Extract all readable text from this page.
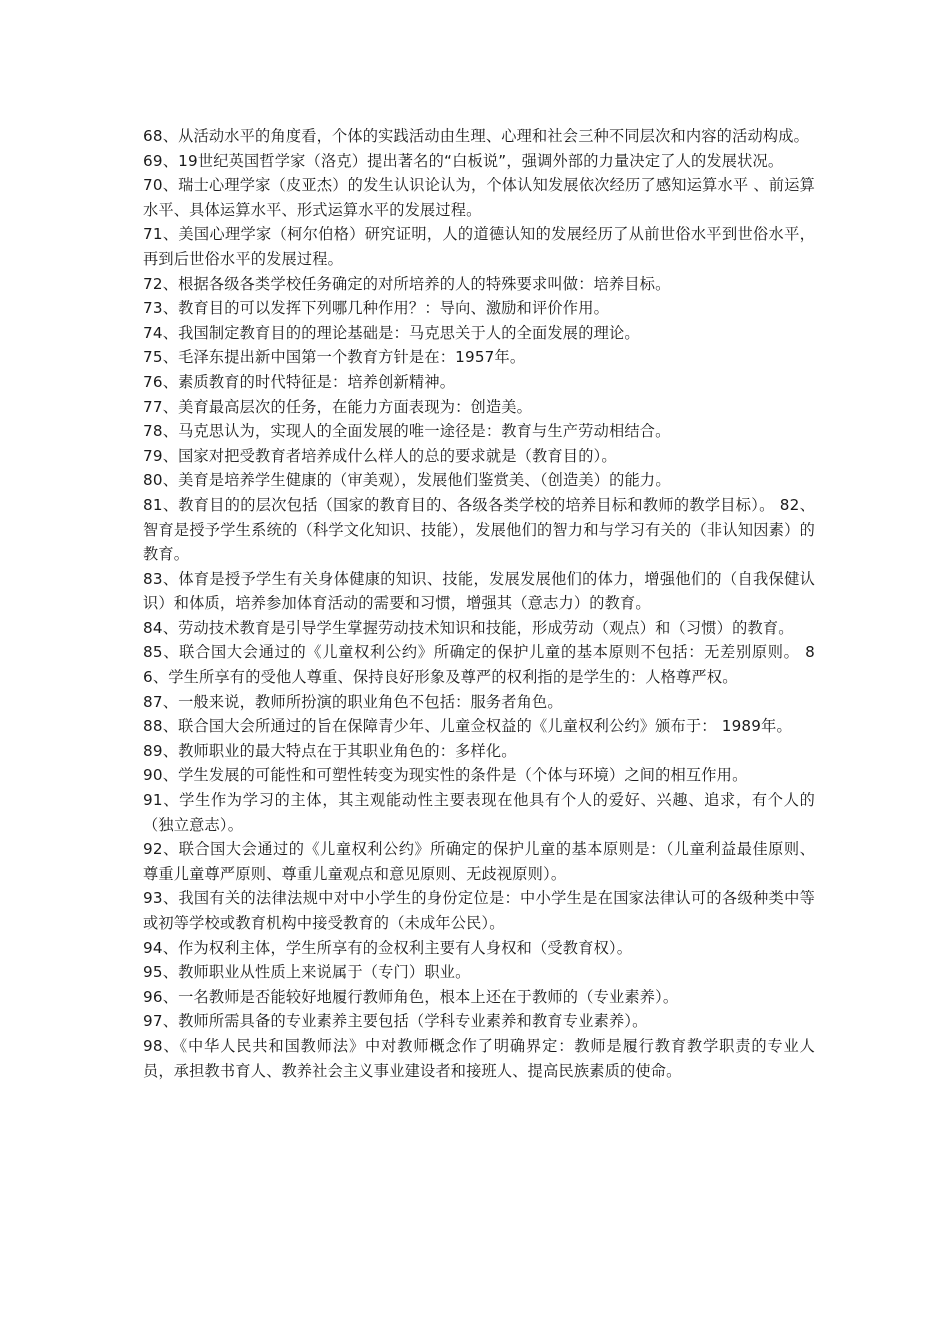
68、从活动水平的角度看，个体的实践活动由生理、心理和社会三种不同层次和内容的活动构成。

69、19世纪英国哲学家（洛克）提出著名的“白板说”，强调外部的力量决定了人的发展状况。

70、瑞士心理学家（皮亚杰）的发生认识论认为，个体认知发展依次经历了感知运算水平 、前运算水平、具体运算水平、形式运算水平的发展过程。

71、美国心理学家（柯尔伯格）研究证明，人的道德认知的发展经历了从前世俗水平到世俗水平，再到后世俗水平的发展过程。

72、根据各级各类学校任务确定的对所培养的人的特殊要求叫做：培养目标。

73、教育目的可以发挥下列哪几种作用？：导向、激励和评价作用。

74、我国制定教育目的的理论基础是：马克思关于人的全面发展的理论。

75、毛泽东提出新中国第一个教育方针是在：1957年。

76、素质教育的时代特征是：培养创新精神。

77、美育最高层次的任务，在能力方面表现为：创造美。

78、马克思认为，实现人的全面发展的唯一途径是：教育与生产劳动相结合。

79、国家对把受教育者培养成什么样人的总的要求就是（教育目的）。

80、美育是培养学生健康的（审美观），发展他们鉴赏美、（创造美）的能力。

81、教育目的的层次包括（国家的教育目的、各级各类学校的培养目标和教师的教学目标）。 82、智育是授予学生系统的（科学文化知识、技能），发展他们的智力和与学习有关的（非认知因素）的教育。

83、体育是授予学生有关身体健康的知识、技能，发展发展他们的体力，增强他们的（自我保健认识）和体质，培养参加体育活动的需要和习惯，增强其（意志力）的教育。

84、劳动技术教育是引导学生掌握劳动技术知识和技能，形成劳动（观点）和（习惯）的教育。

85、联合国大会通过的《儿童权利公约》所确定的保护儿童的基本原则不包括：无差别原则。 86、学生所享有的受他人尊重、保持良好形象及尊严的权利指的是学生的：人格尊严权。

87、一般来说，教师所扮演的职业角色不包括：服务者角色。

88、联合国大会所通过的旨在保障青少年、儿童佥权益的《儿童权利公约》颁布于： 1989年。

89、教师职业的最大特点在于其职业角色的：多样化。

90、学生发展的可能性和可塑性转变为现实性的条件是（个体与环境）之间的相互作用。

91、学生作为学习的主体，其主观能动性主要表现在他具有个人的爱好、兴趣、追求，有个人的（独立意志）。

92、联合国大会通过的《儿童权利公约》所确定的保护儿童的基本原则是：（儿童利益最佳原则、尊重儿童尊严原则、尊重儿童观点和意见原则、无歧视原则）。

93、我国有关的法律法规中对中小学生的身份定位是：中小学生是在国家法律认可的各级种类中等或初等学校或教育机构中接受教育的（未成年公民）。

94、作为权利主体，学生所享有的佥权利主要有人身权和（受教育权）。

95、教师职业从性质上来说属于（专门）职业。

96、一名教师是否能较好地履行教师角色，根本上还在于教师的（专业素养）。

97、教师所需具备的专业素养主要包括（学科专业素养和教育专业素养）。

98、《中华人民共和国教师法》中对教师概念作了明确界定：教师是履行教育教学职责的专业人员，承担教书育人、教养社会主义事业建设者和接班人、提高民族素质的使命。
